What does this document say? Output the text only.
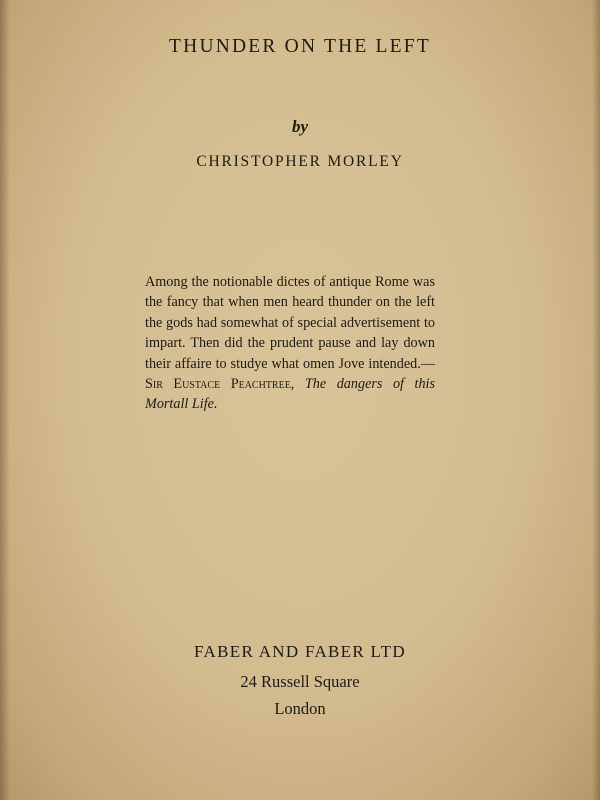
THUNDER ON THE LEFT
by
CHRISTOPHER MORLEY
Among the notionable dictes of antique Rome was the fancy that when men heard thunder on the left the gods had somewhat of special advertisement to impart. Then did the prudent pause and lay down their affaire to studye what omen Jove intended.—Sir Eustace Peachtree, The dangers of this Mortall Life.
FABER AND FABER LTD
24 Russell Square
London
